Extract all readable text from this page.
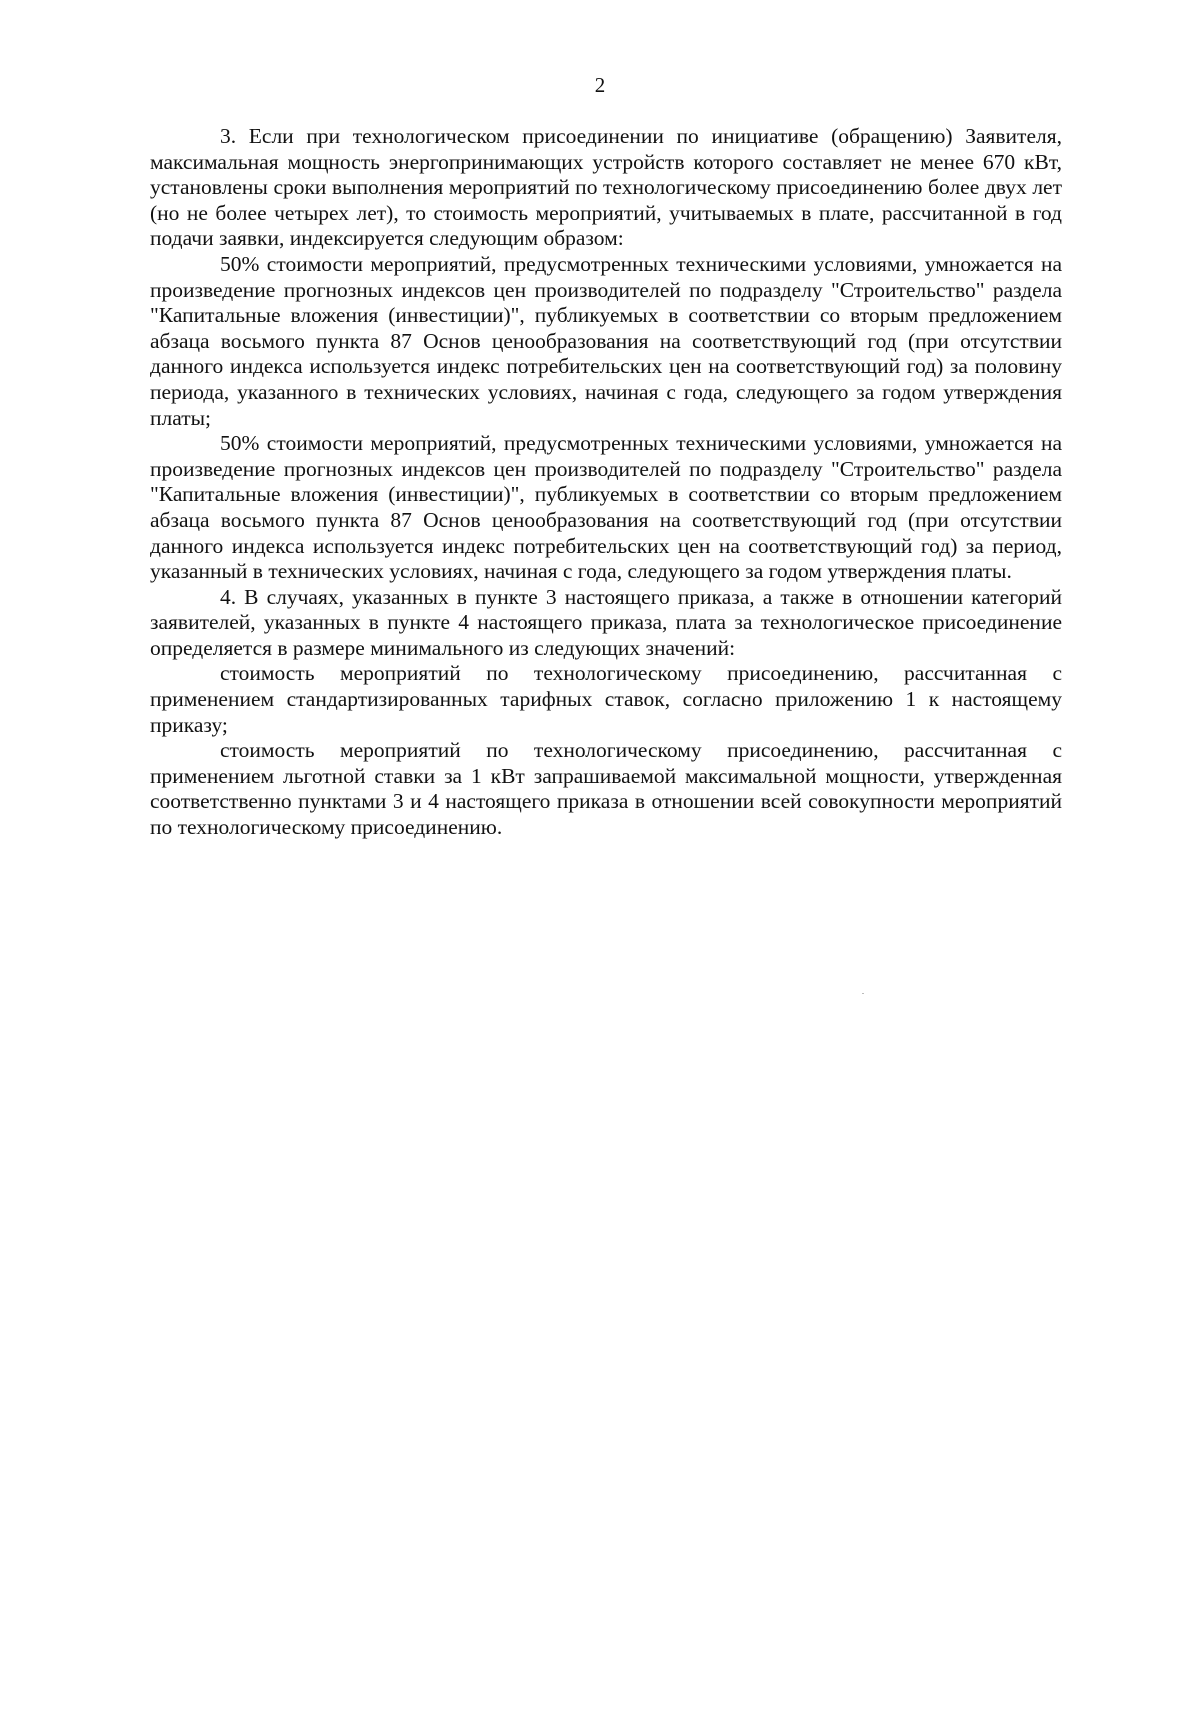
2

3. Если при технологическом присоединении по инициативе (обращению) Заявителя, максимальная мощность энергопринимающих устройств которого составляет не менее 670 кВт, установлены сроки выполнения мероприятий по технологическому присоединению более двух лет (но не более четырех лет), то стоимость мероприятий, учитываемых в плате, рассчитанной в год подачи заявки, индексируется следующим образом:

50% стоимости мероприятий, предусмотренных техническими условиями, умножается на произведение прогнозных индексов цен производителей по подразделу "Строительство" раздела "Капитальные вложения (инвестиции)", публикуемых в соответствии со вторым предложением абзаца восьмого пункта 87 Основ ценообразования на соответствующий год (при отсутствии данного индекса используется индекс потребительских цен на соответствующий год) за половину периода, указанного в технических условиях, начиная с года, следующего за годом утверждения платы;

50% стоимости мероприятий, предусмотренных техническими условиями, умножается на произведение прогнозных индексов цен производителей по подразделу "Строительство" раздела "Капитальные вложения (инвестиции)", публикуемых в соответствии со вторым предложением абзаца восьмого пункта 87 Основ ценообразования на соответствующий год (при отсутствии данного индекса используется индекс потребительских цен на соответствующий год) за период, указанный в технических условиях, начиная с года, следующего за годом утверждения платы.

4. В случаях, указанных в пункте 3 настоящего приказа, а также в отношении категорий заявителей, указанных в пункте 4 настоящего приказа, плата за технологическое присоединение определяется в размере минимального из следующих значений:

стоимость мероприятий по технологическому присоединению, рассчитанная с применением стандартизированных тарифных ставок, согласно приложению 1 к настоящему приказу;

стоимость мероприятий по технологическому присоединению, рассчитанная с применением льготной ставки за 1 кВт запрашиваемой максимальной мощности, утвержденная соответственно пунктами 3 и 4 настоящего приказа в отношении всей совокупности мероприятий по технологическому присоединению.
